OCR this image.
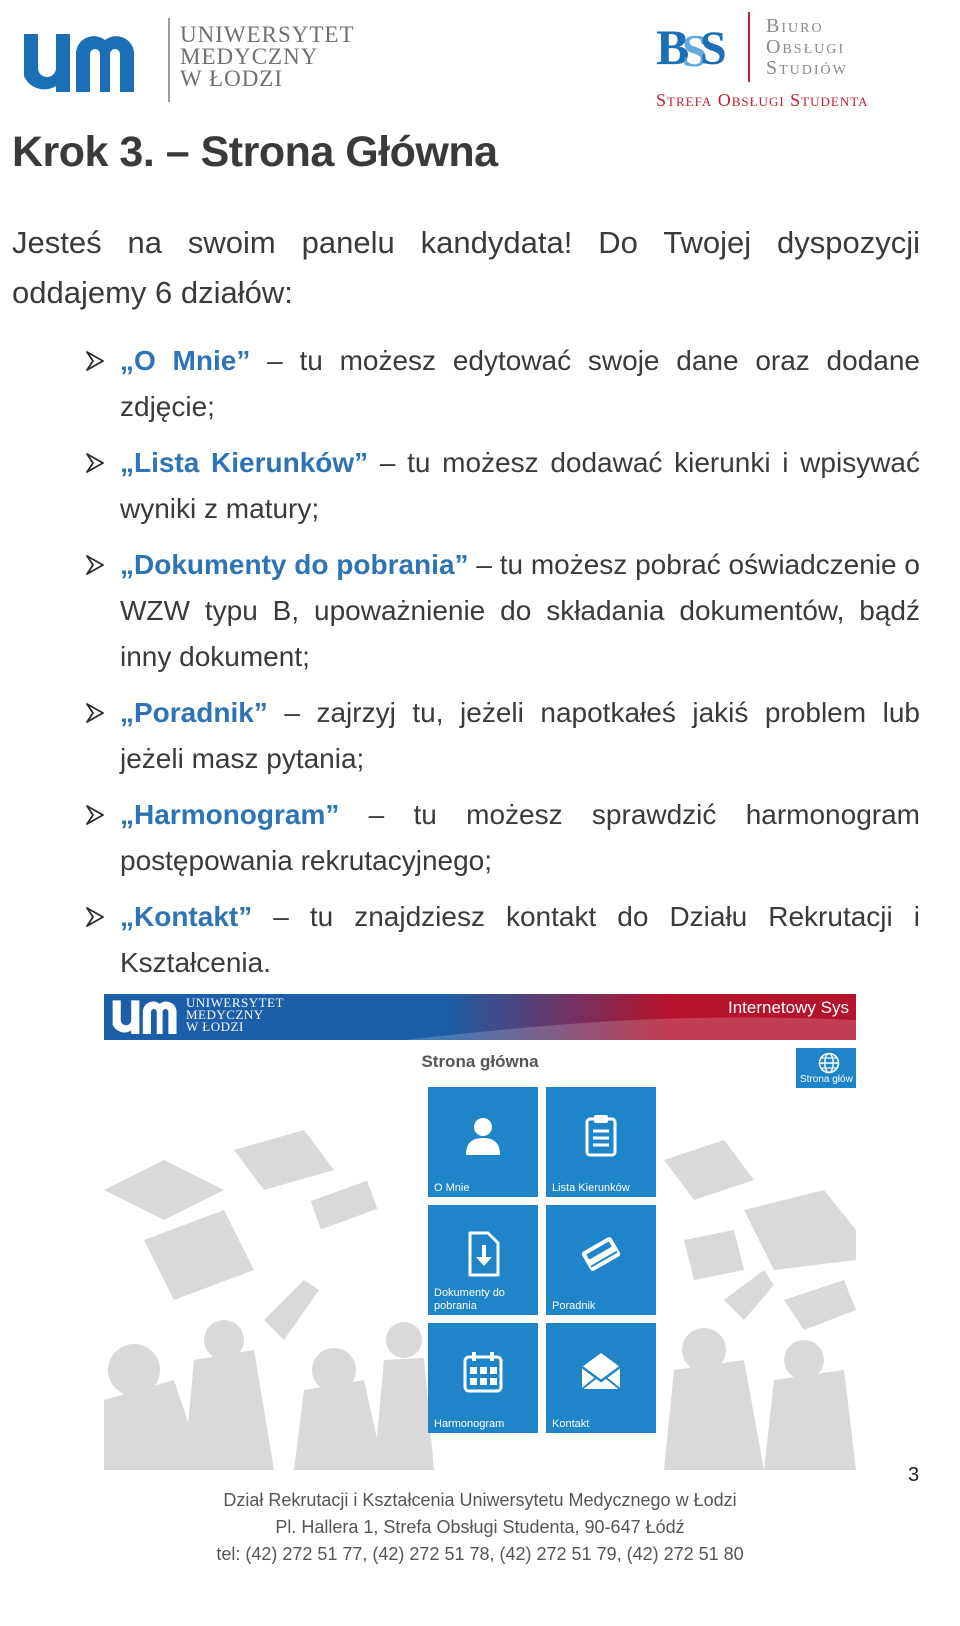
UNIWERSYTET
MEDYCZNY
W ŁODZI
B
S
S Biuro
Obsługi
Studiów
Strefa Obsługi Studenta
Krok 3. – Strona Główna

Jesteś na swoim panelu kandydata! Do Twojej dyspozycji oddajemy 6 działów:

„O Mnie” – tu możesz edytować swoje dane oraz dodane zdjęcie;
„Lista Kierunków” – tu możesz dodawać kierunki i wpisywać wyniki z matury;
„Dokumenty do pobrania” – tu możesz pobrać oświadczenie o WZW typu B, upoważnienie do składania dokumentów, bądź inny dokument;
„Poradnik” – zajrzyj tu, jeżeli napotkałeś jakiś problem lub jeżeli masz pytania;
„Harmonogram” – tu możesz sprawdzić harmonogram postępowania rekrutacyjnego;
„Kontakt” – tu znajdziesz kontakt do Działu Rekrutacji i Kształcenia.
UNIWERSYTET
MEDYCZNY
W ŁODZI
Internetowy Sys
Strona główna
Strona głów
O Mnie	Lista Kierunków
Dokumenty do pobrania	Poradnik
Harmonogram	Kontakt
3
Dział Rekrutacji i Kształcenia Uniwersytetu Medycznego w Łodzi
Pl. Hallera 1, Strefa Obsługi Studenta, 90-647 Łódź
tel: (42) 272 51 77, (42) 272 51 78, (42) 272 51 79, (42) 272 51 80
